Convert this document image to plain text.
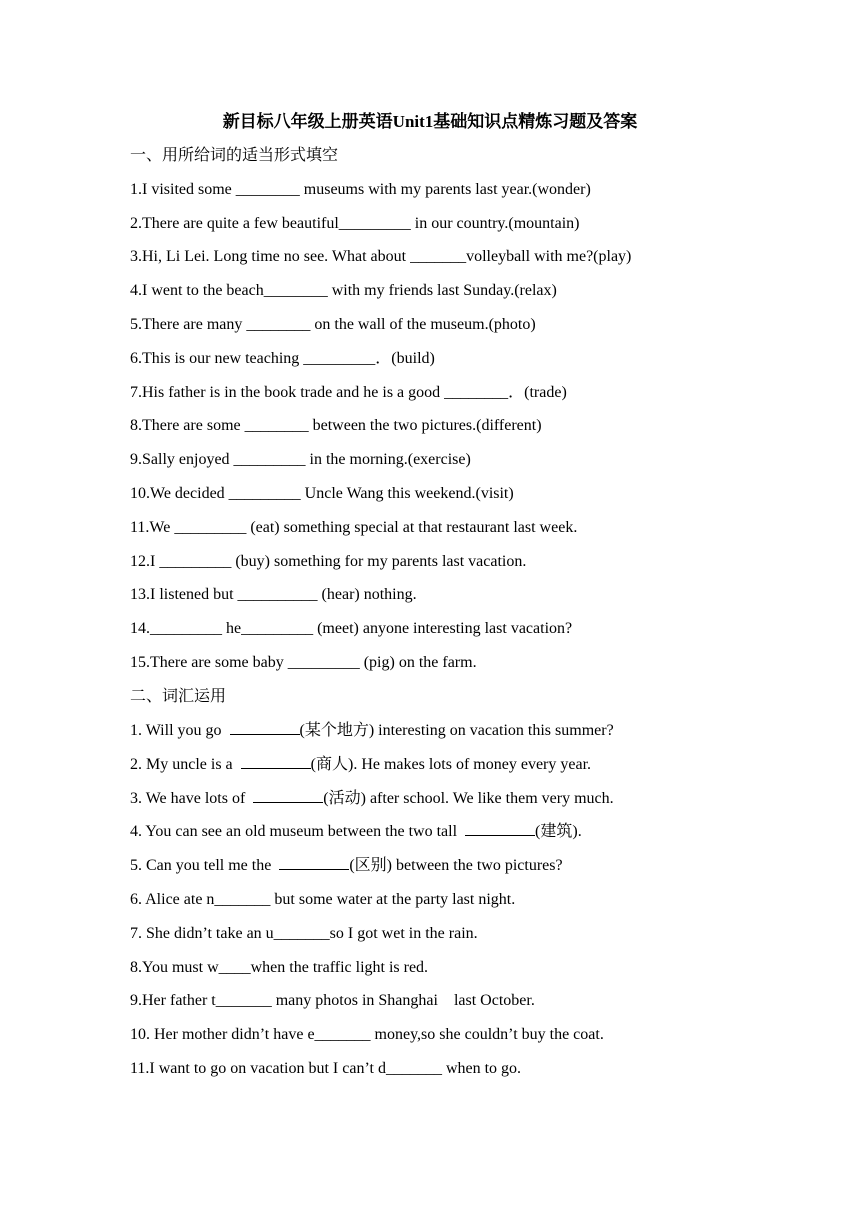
新目标八年级上册英语Unit1基础知识点精炼习题及答案
一、用所给词的适当形式填空
1.I visited some ________ museums with my parents last year.(wonder)
2.There are quite a few beautiful_________ in our country.(mountain)
3.Hi, Li Lei. Long time no see. What about _______volleyball with me?(play)
4.I went to the beach________ with my friends last Sunday.(relax)
5.There are many ________ on the wall of the museum.(photo)
6.This is our new teaching _________．(build)
7.His father is in the book trade and he is a good ________．(trade)
8.There are some ________ between the two pictures.(different)
9.Sally enjoyed _________ in the morning.(exercise)
10.We decided _________ Uncle Wang this weekend.(visit)
11.We _________ (eat) something special at that restaurant last week.
12.I _________ (buy) something for my parents last vacation.
13.I listened but __________ (hear) nothing.
14._________ he_________ (meet) anyone interesting last vacation?
15.There are some baby _________ (pig) on the farm.
二、词汇运用
1. Will you go	(某个地方) interesting on vacation this summer?
2. My uncle is a	(商人). He makes lots of money every year.
3. We have lots of	(活动) after school. We like them very much.
4. You can see an old museum between the two tall	(建筑).
5. Can you tell me the	(区别) between the two pictures?
6. Alice ate n_______ but some water at the party last night.
7. She didn’t take an u_______so I got wet in the rain.
8.You must w____when the traffic light is red.
9.Her father t_______ many photos in Shanghai　last October.
10. Her mother didn’t have e_______ money,so she couldn’t buy the coat.
11.I want to go on vacation but I can’t d_______ when to go.
